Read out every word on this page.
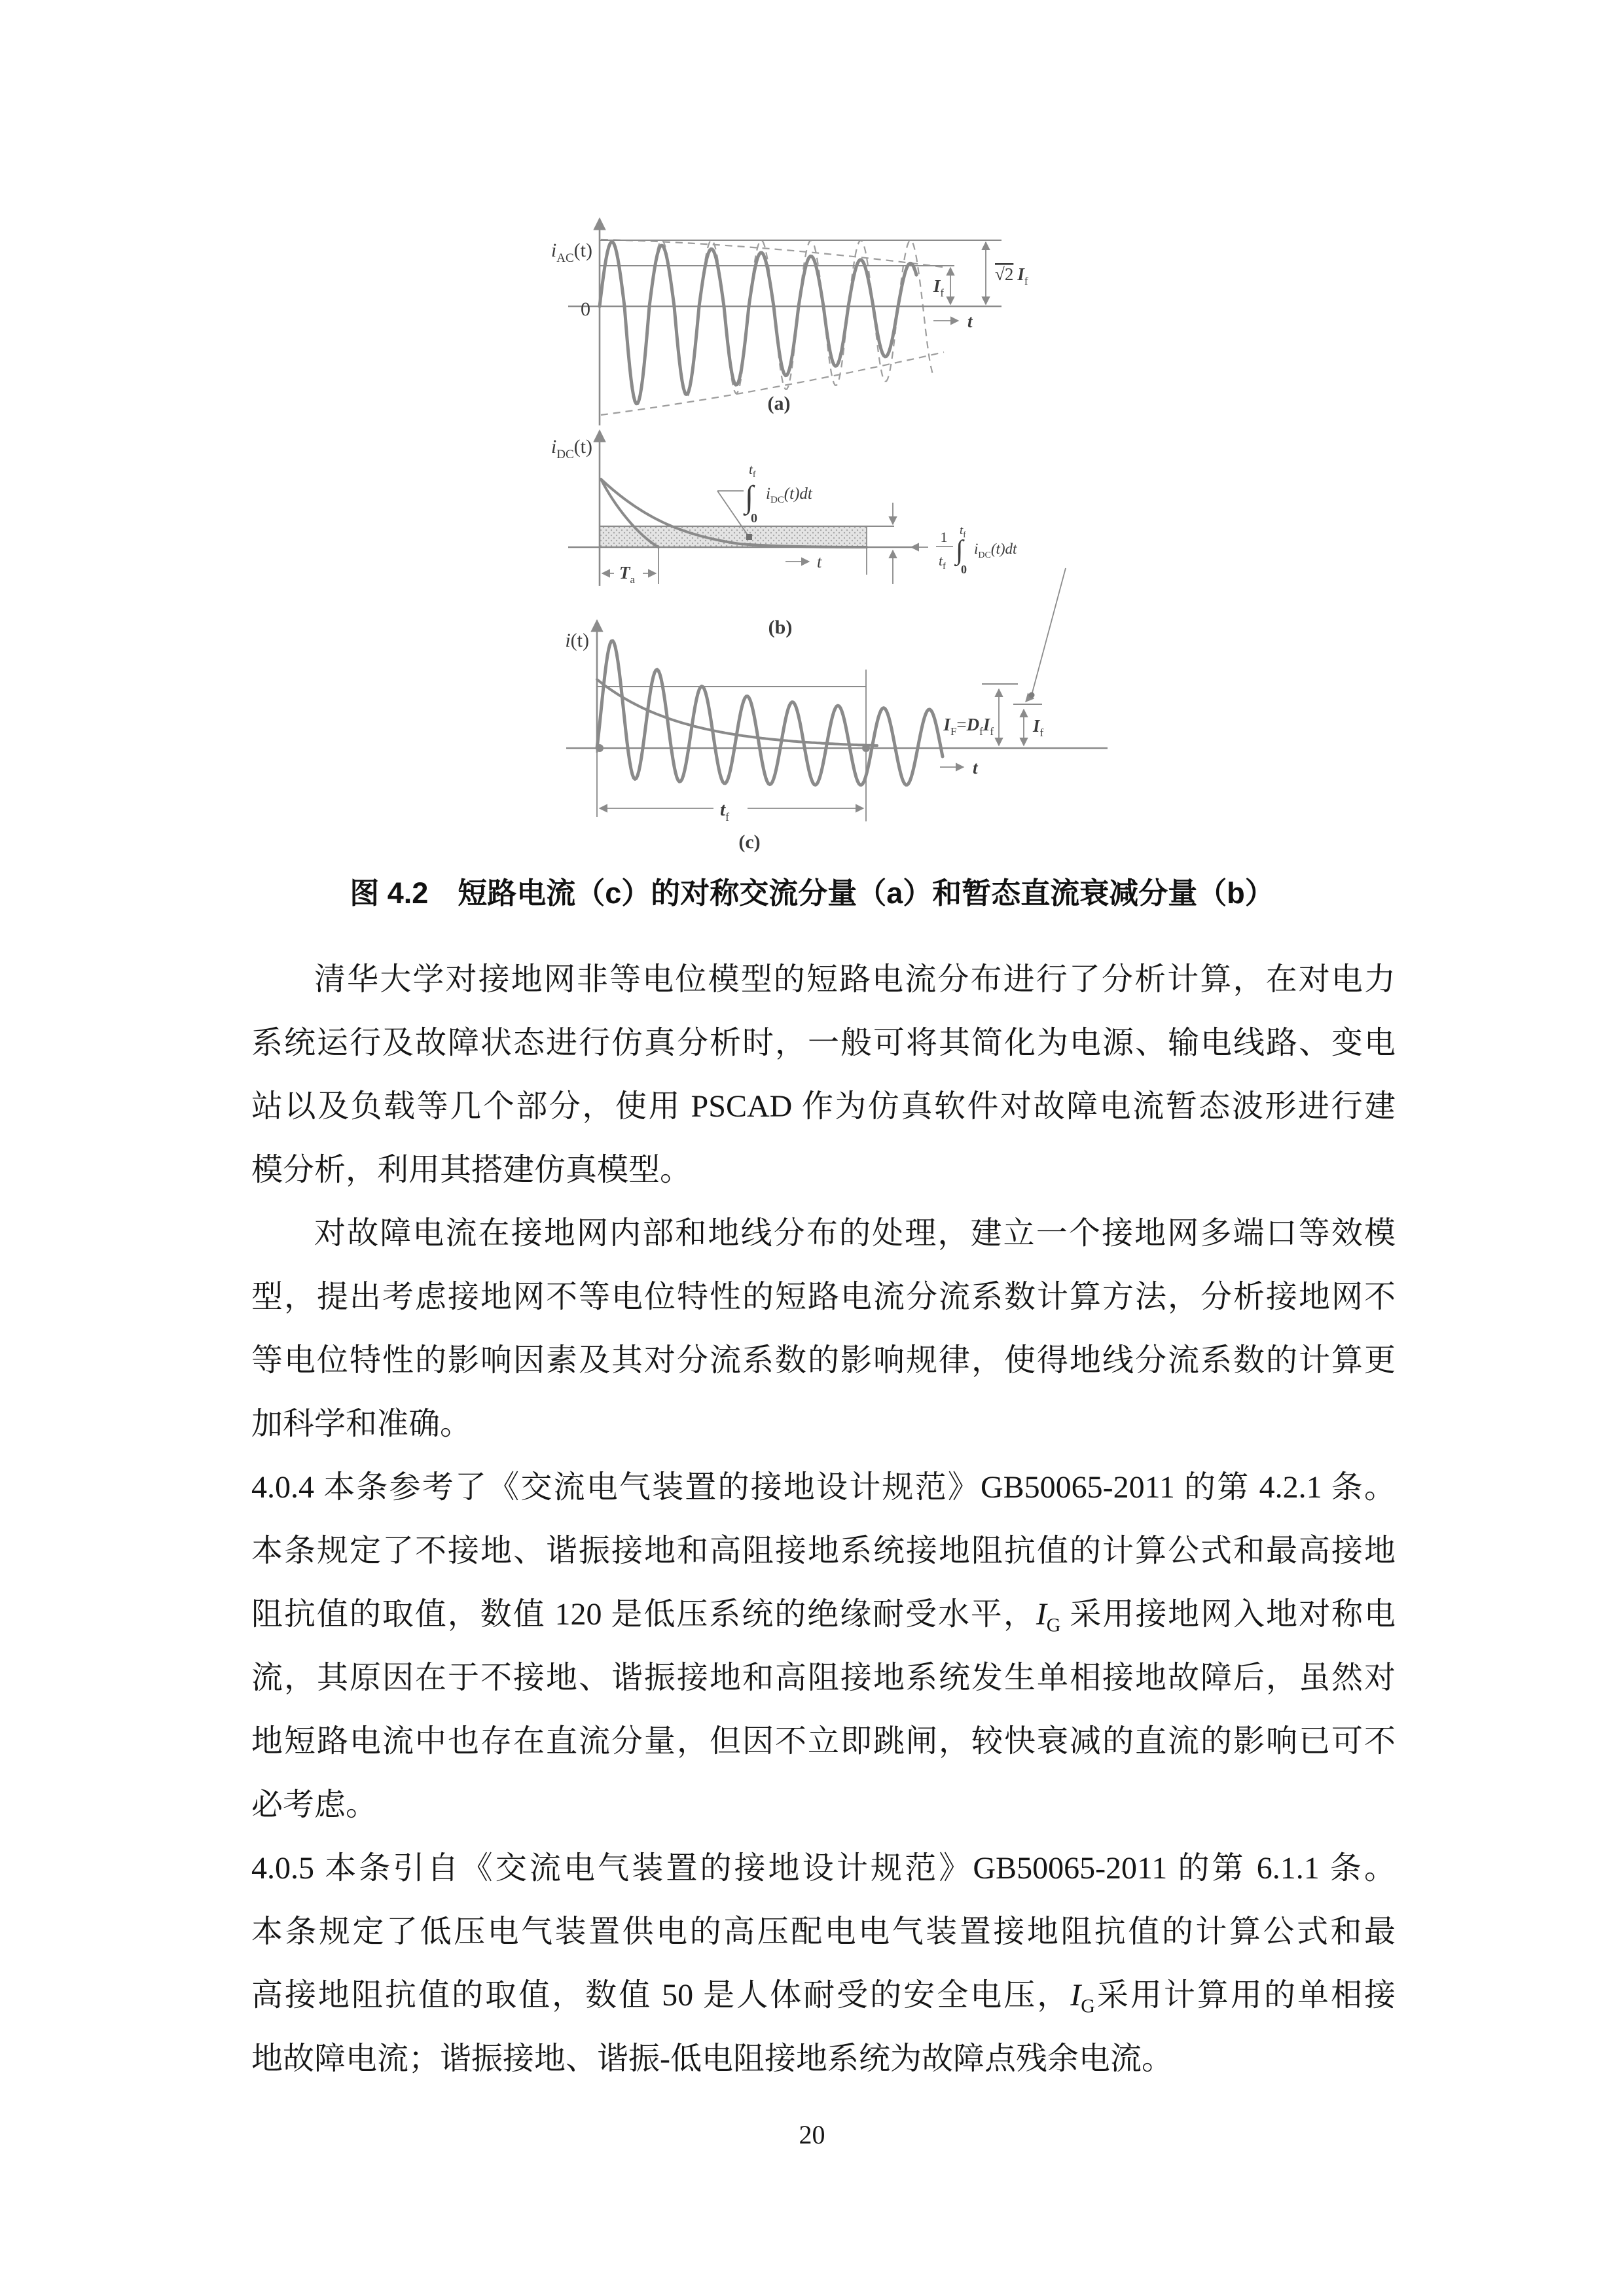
$i_{AC}(t)$
0
$I_f$
√2 $I_f$
t
(a)
$i_{DC}(t)$
$T_a$
t
$t_f$
∫
0
$i_{DC}(t)dt$
1
$t_f$
$t_f$
∫
0
$i_{DC}(t)dt$
(b)
i(t)
$t_f$
t
$I_F=D_fI_f$ $I_f$
(c)
图 4.2　短路电流（c）的对称交流分量（a）和暂态直流衰减分量（b）
清华大学对接地网非等电位模型的短路电流分布进行了分析计算，在对电力
系统运行及故障状态进行仿真分析时，一般可将其简化为电源、输电线路、变电
站以及负载等几个部分，使用 PSCAD 作为仿真软件对故障电流暂态波形进行建
模分析，利用其搭建仿真模型。
对故障电流在接地网内部和地线分布的处理，建立一个接地网多端口等效模
型，提出考虑接地网不等电位特性的短路电流分流系数计算方法，分析接地网不
等电位特性的影响因素及其对分流系数的影响规律，使得地线分流系数的计算更
加科学和准确。
4.0.4 本条参考了《交流电气装置的接地设计规范》GB50065-2011 的第 4.2.1 条。
本条规定了不接地、谐振接地和高阻接地系统接地阻抗值的计算公式和最高接地
阻抗值的取值，数值 120 是低压系统的绝缘耐受水平，$I_G$ 采用接地网入地对称电
流，其原因在于不接地、谐振接地和高阻接地系统发生单相接地故障后，虽然对
地短路电流中也存在直流分量，但因不立即跳闸，较快衰减的直流的影响已可不
必考虑。
4.0.5 本条引自《交流电气装置的接地设计规范》GB50065-2011 的第 6.1.1 条。
本条规定了低压电气装置供电的高压配电电气装置接地阻抗值的计算公式和最
高接地阻抗值的取值，数值 50 是人体耐受的安全电压，$I_G$采用计算用的单相接
地故障电流；谐振接地、谐振‐低电阻接地系统为故障点残余电流。
20
